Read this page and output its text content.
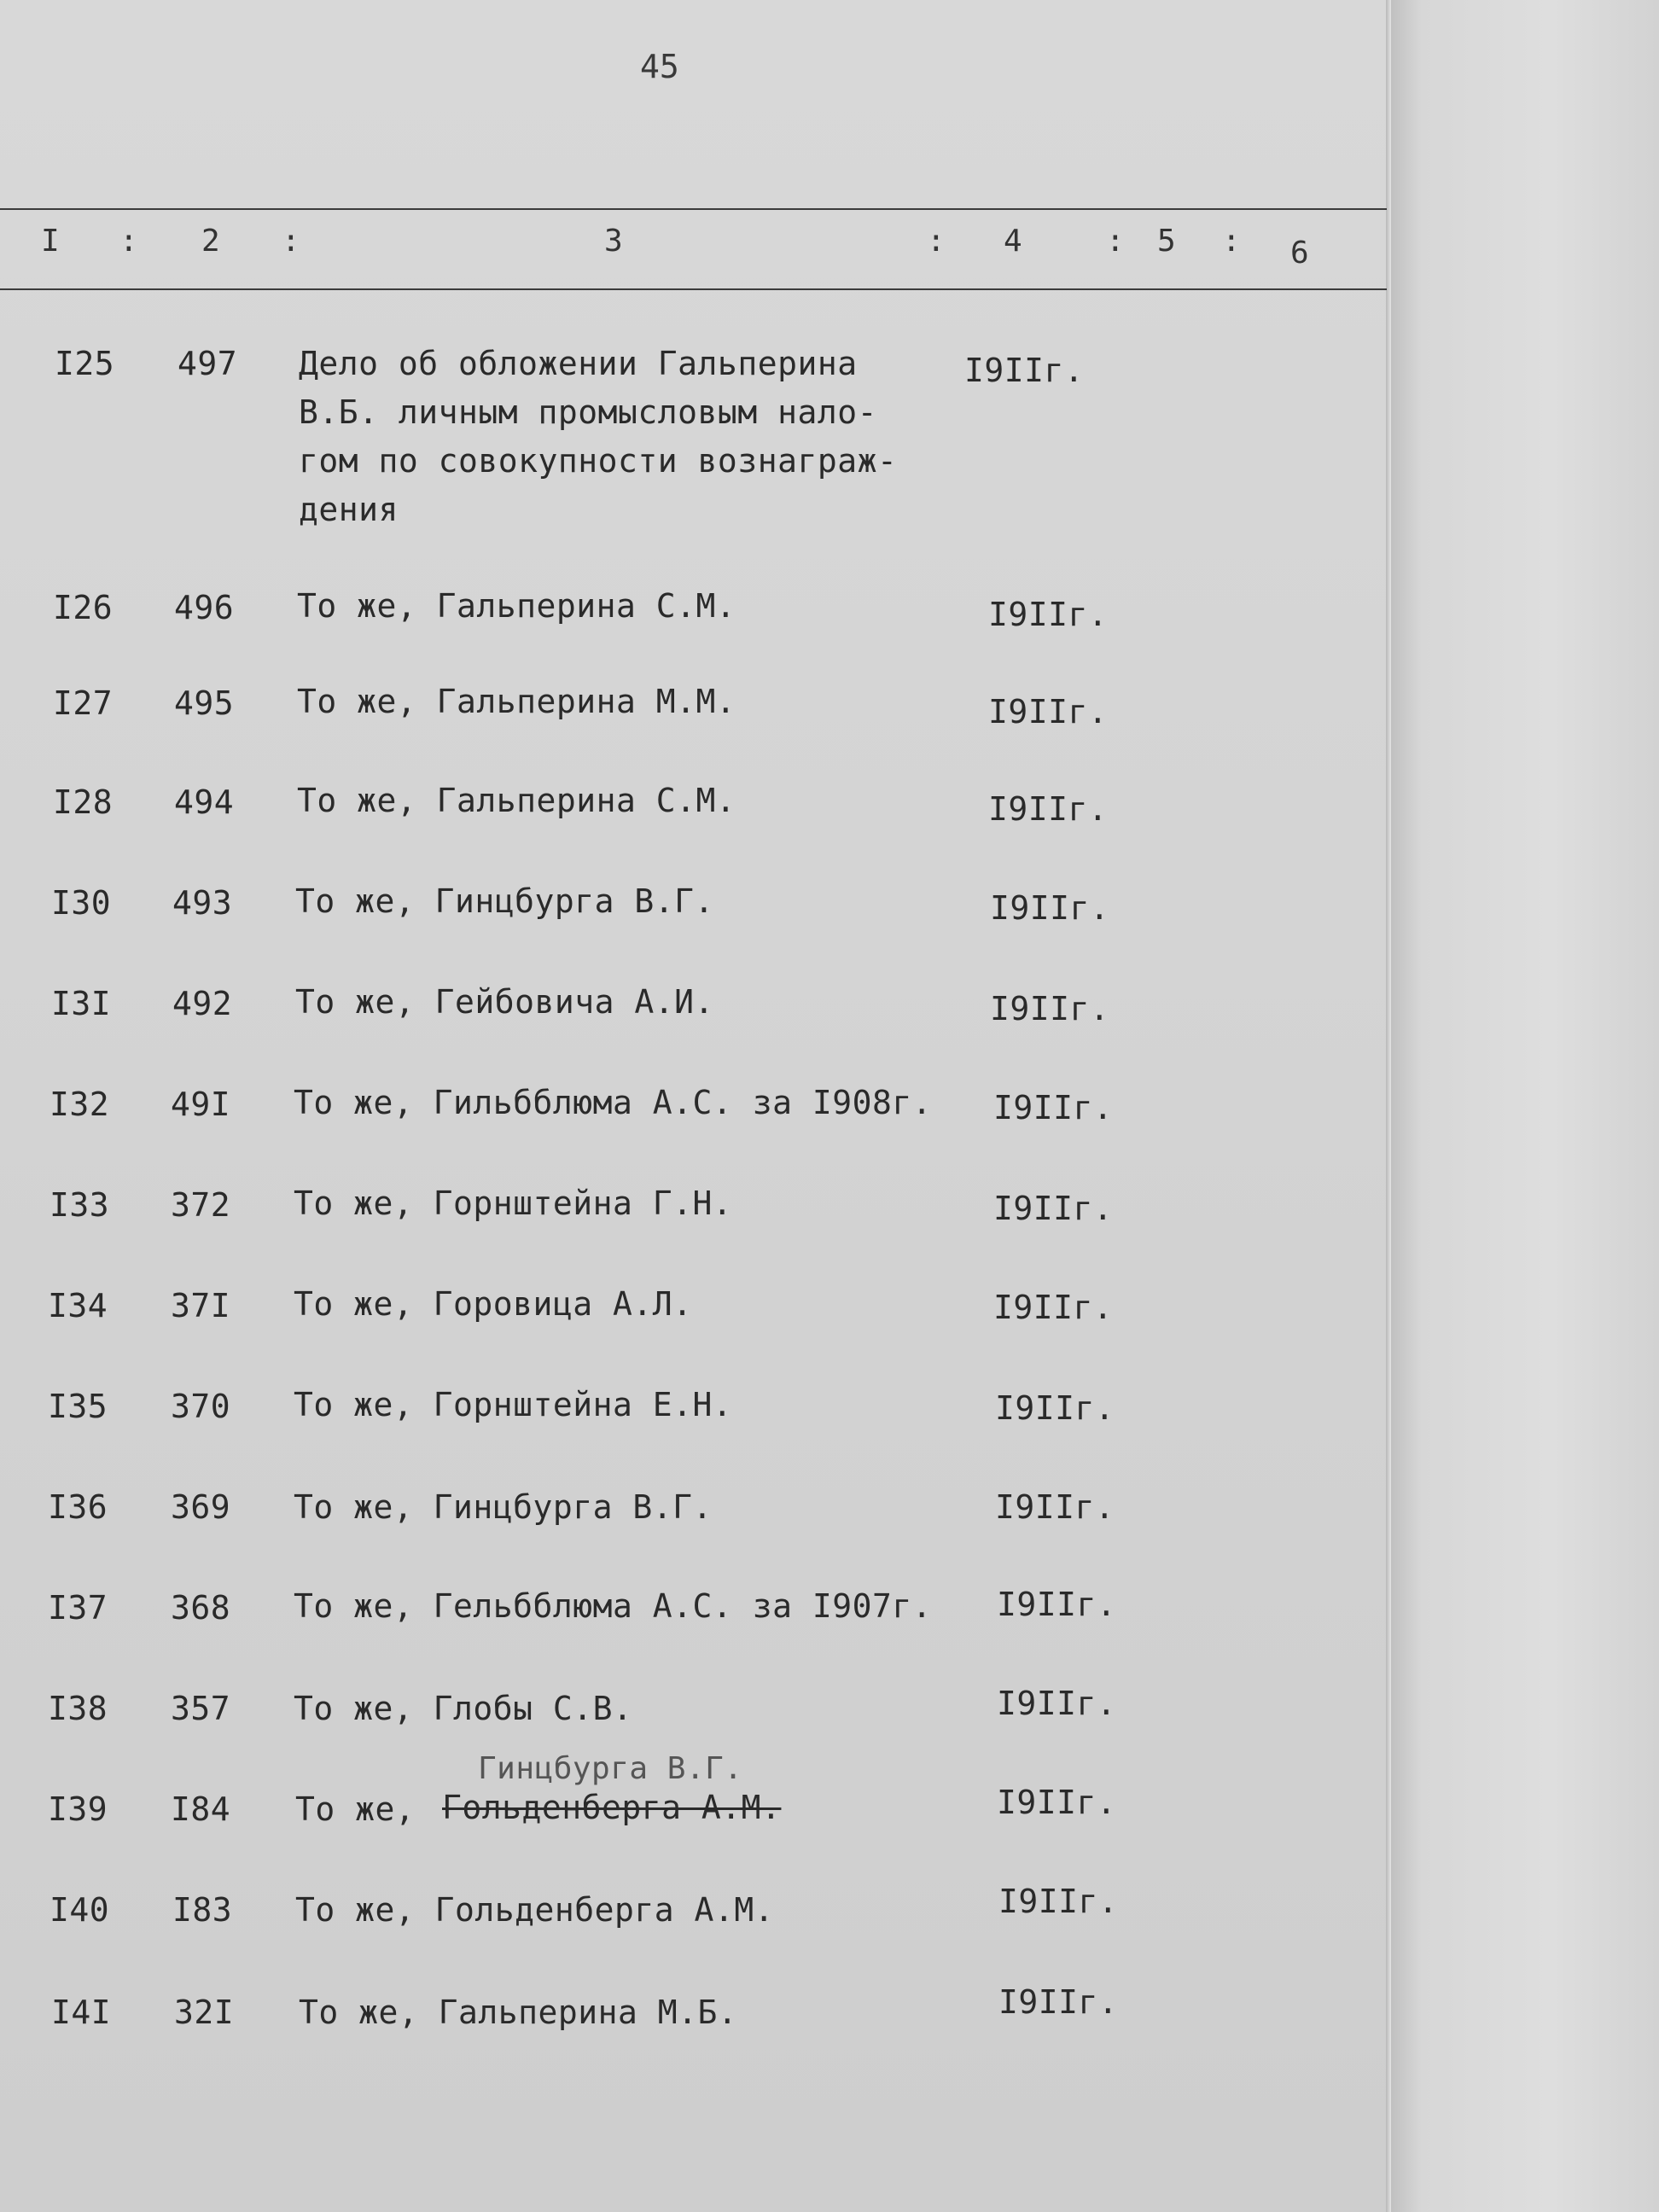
45
I : 2 :	3	: 4	: 5 : 6
I25 497 Дело об обложении Гальперина
В.Б. личным промысловым нало-
гом по совокупности вознаграж-
дения
I9IIг.
I26 496 То же, Гальперина С.М.	I9IIг.
I27 495 То же, Гальперина М.М.	I9IIг.
I28 494 То же, Гальперина С.М.	I9IIг.
I30 493 То же, Гинцбурга В.Г.	I9IIг.
I3I 492 То же, Гейбовича А.И.	I9IIг.
I32 49I То же, Гильбблюма А.С. за I908г. I9IIг.
I33 372 То же, Горнштейна Г.Н.	I9IIг.
I34 37I То же, Горовица А.Л.	I9IIг.
I35 370 То же, Горнштейна Е.Н.	I9IIг.
I36 369 То же, Гинцбурга В.Г.	I9IIг.
I37 368 То же, Гельбблюма А.С. за I907г. I9IIг.
I38 357 То же, Глобы С.В.	I9IIг.
Гинцбурга В.Г.
I39 I84 То же, Гольденберга А.М.	I9IIг.
I40 I83 То же, Гольденберга А.М.	I9IIг.
I4I 32I То же, Гальперина М.Б.	I9IIг.
